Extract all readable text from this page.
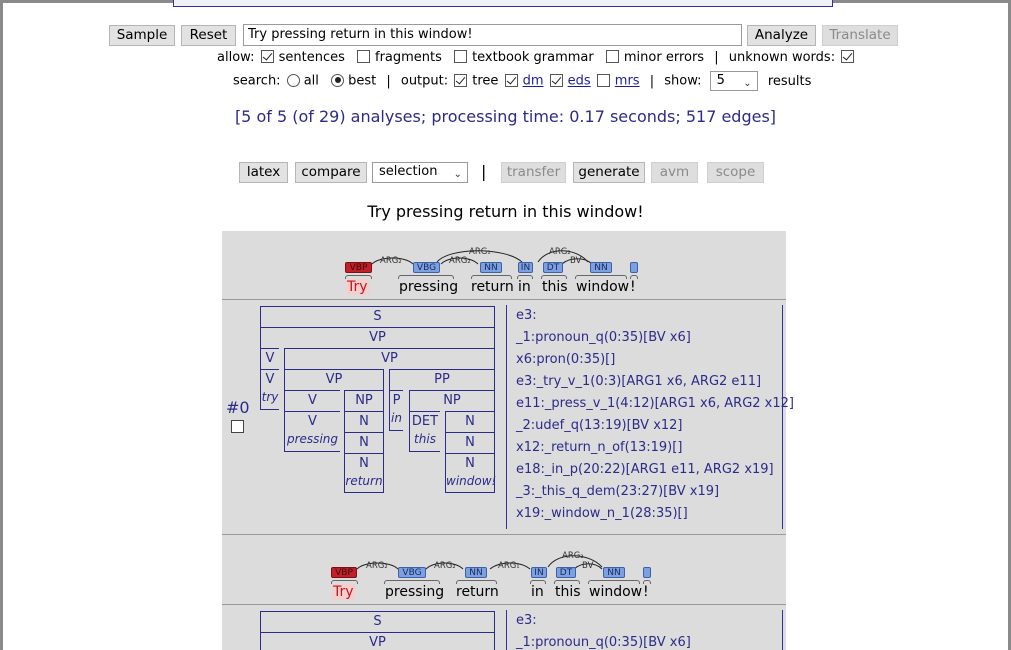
Sample	Reset	Try pressing return in this window!	Analyze	Translate
allow: sentences fragments textbook grammar minor errors | unknown words:
search: all best | output: tree dm eds mrs | show: 5 ⌄ results
[5 of 5 (of 29) analyses; processing time: 0.17 seconds; 517 edges]
latex	compare	selection ⌄ |	transfer	generate	avm	scope
Try pressing return in this window!
ARG₂	ARG₂
ARG₁	ARG₂
BV
VBP	VBG	NN	IN	DT	NN
Try pressing return in this window !
#0
S
VP
V	VP
V
try
VP	PP
V
V
pressing
NP
N
N
N
return
P
in
NP
DET
this
N
N
N
window!
e3:
_1:pronoun_q(0:35)[BV x6]
x6:pron(0:35)[]
e3:_try_v_1(0:3)[ARG1 x6, ARG2 e11]
e11:_press_v_1(4:12)[ARG1 x6, ARG2 x12]
_2:udef_q(13:19)[BV x12]
x12:_return_n_of(13:19)[]
e18:_in_p(20:22)[ARG1 e11, ARG2 x19]
_3:_this_q_dem(23:27)[BV x19]
x19:_window_n_1(28:35)[]
ARG₂	ARG₂	ARG₁
ARG₂
BV
VBP	VBG	NN	IN	DT	NN
Try pressing return in this window !
S
VP
e3:
_1:pronoun_q(0:35)[BV x6]
